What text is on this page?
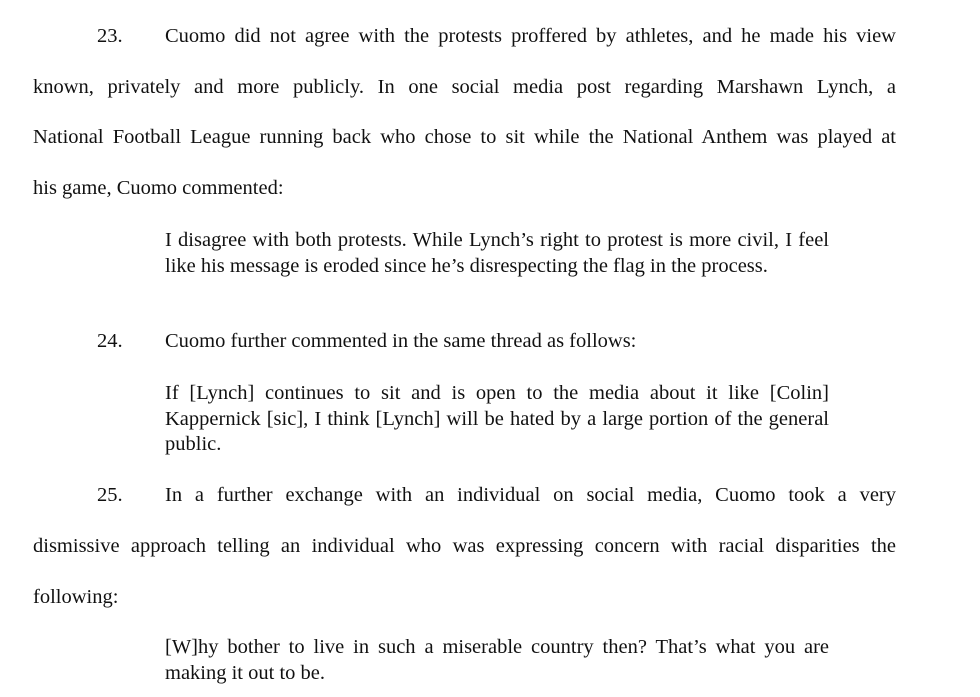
23. Cuomo did not agree with the protests proffered by athletes, and he made his view
known, privately and more publicly. In one social media post regarding Marshawn Lynch, a
National Football League running back who chose to sit while the National Anthem was played at
his game, Cuomo commented:
I disagree with both protests. While Lynch’s right to protest is more civil, I feel like his message is eroded since he’s disrespecting the flag in the process.
24. Cuomo further commented in the same thread as follows:
If [Lynch] continues to sit and is open to the media about it like [Colin] Kappernick [sic], I think [Lynch] will be hated by a large portion of the general public.
25. In a further exchange with an individual on social media, Cuomo took a very
dismissive approach telling an individual who was expressing concern with racial disparities the
following:
[W]hy bother to live in such a miserable country then? That’s what you are making it out to be.
